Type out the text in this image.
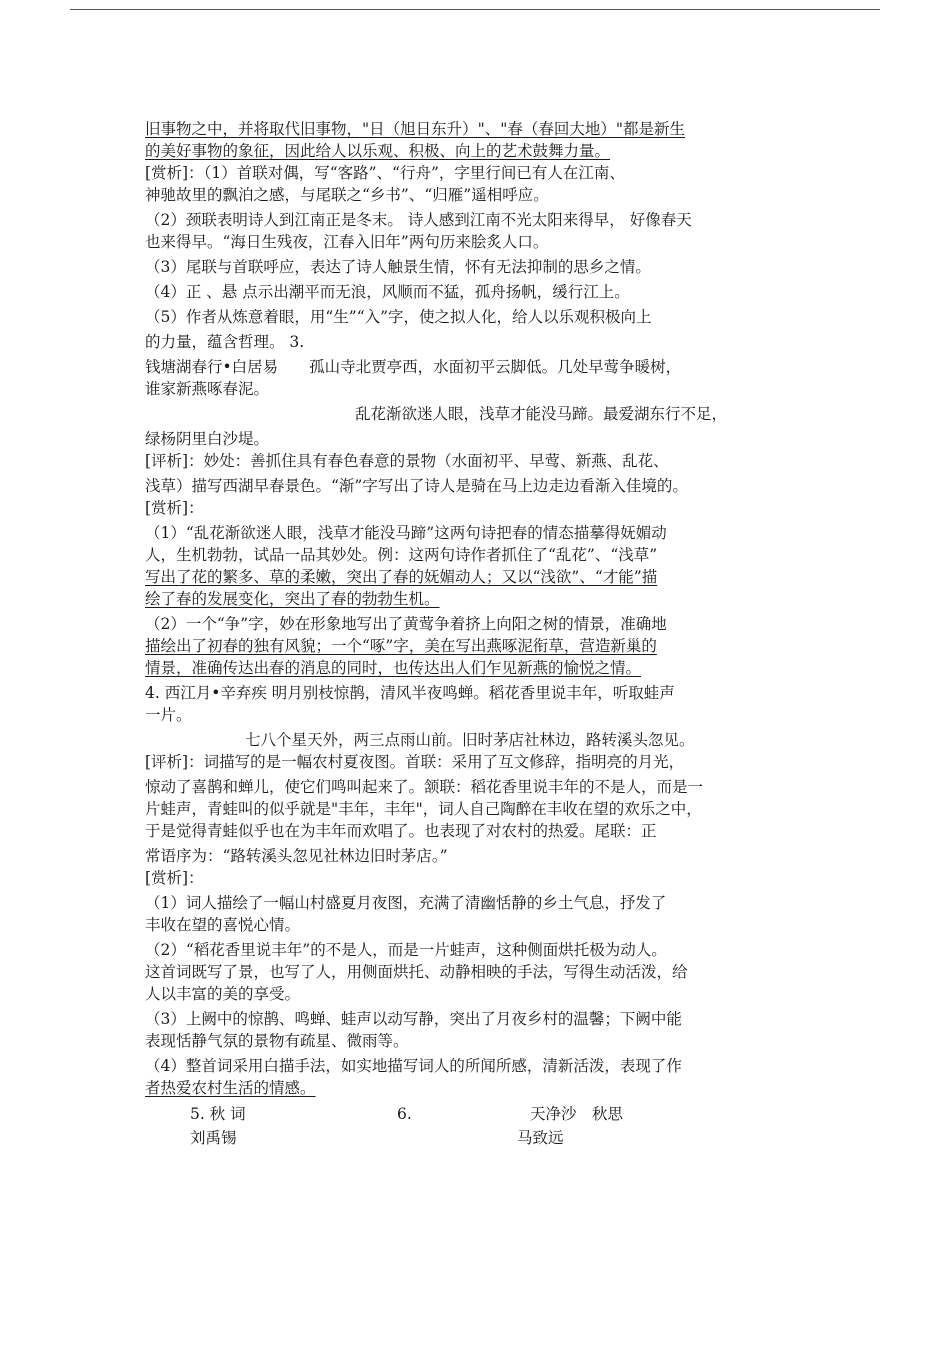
旧事物之中，并将取代旧事物，"日（旭日东升）"、"春（春回大地）"都是新生
的美好事物的象征，因此给人以乐观、积极、向上的艺术鼓舞力量。
[赏析]：（1）首联对偶，写“客路”、“行舟”，字里行间已有人在江南、
神驰故里的飘泊之感，与尾联之“乡书”、“归雁”遥相呼应。
（2）颈联表明诗人到江南正是冬末。 诗人感到江南不光太阳来得早， 好像春天
也来得早。“海日生残夜，江春入旧年”两句历来脍炙人口。
（3）尾联与首联呼应，表达了诗人触景生情，怀有无法抑制的思乡之情。
（4）正 、悬 点示出潮平而无浪，风顺而不猛，孤舟扬帆，缓行江上。
（5）作者从炼意着眼，用“生”“入”字，使之拟人化，给人以乐观积极向上
的力量，蕴含哲理。 3.
钱塘湖春行•白居易　　孤山寺北贾亭西，水面初平云脚低。几处早莺争暖树，
谁家新燕啄春泥。
乱花渐欲迷人眼，浅草才能没马蹄。最爱湖东行不足，
绿杨阴里白沙堤。
[评析]：妙处：善抓住具有春色春意的景物（水面初平、早莺、新燕、乱花、
浅草）描写西湖早春景色。“渐”字写出了诗人是骑在马上边走边看渐入佳境的。
[赏析]：
（1）“乱花渐欲迷人眼，浅草才能没马蹄”这两句诗把春的情态描摹得妩媚动
人，生机勃勃，试品一品其妙处。例：这两句诗作者抓住了“乱花”、“浅草”
写出了花的繁多、草的柔嫩，突出了春的妩媚动人；又以“浅欲”、“才能”描
绘了春的发展变化，突出了春的勃勃生机。
（2）一个“争”字，妙在形象地写出了黄莺争着挤上向阳之树的情景，准确地
描绘出了初春的独有风貌；一个“啄”字，美在写出燕啄泥衔草，营造新巢的
情景，准确传达出春的消息的同时，也传达出人们乍见新燕的愉悦之情。
4. 西江月•辛弃疾 明月别枝惊鹊，清风半夜鸣蝉。稻花香里说丰年，听取蛙声
一片。
七八个星天外，两三点雨山前。旧时茅店社林边，路转溪头忽见。
[评析]：词描写的是一幅农村夏夜图。首联：采用了互文修辞，指明亮的月光，
惊动了喜鹊和蝉儿，使它们鸣叫起来了。颔联：稻花香里说丰年的不是人，而是一
片蛙声，青蛙叫的似乎就是"丰年，丰年"，词人自己陶醉在丰收在望的欢乐之中，
于是觉得青蛙似乎也在为丰年而欢唱了。也表现了对农村的热爱。尾联：正
常语序为：“路转溪头忽见社林边旧时茅店。”
[赏析]：
（1）词人描绘了一幅山村盛夏月夜图，充满了清幽恬静的乡土气息，抒发了
丰收在望的喜悦心情。
（2）“稻花香里说丰年”的不是人，而是一片蛙声，这种侧面烘托极为动人。
这首词既写了景，也写了人，用侧面烘托、动静相映的手法，写得生动活泼，给
人以丰富的美的享受。
（3）上阙中的惊鹊、鸣蝉、蛙声以动写静，突出了月夜乡村的温馨；下阙中能
表现恬静气氛的景物有疏星、微雨等。
（4）整首词采用白描手法，如实地描写词人的所闻所感，清新活泼，表现了作
者热爱农村生活的情感。
5. 秋 词	6.	天净沙　秋思
刘禹锡	马致远
